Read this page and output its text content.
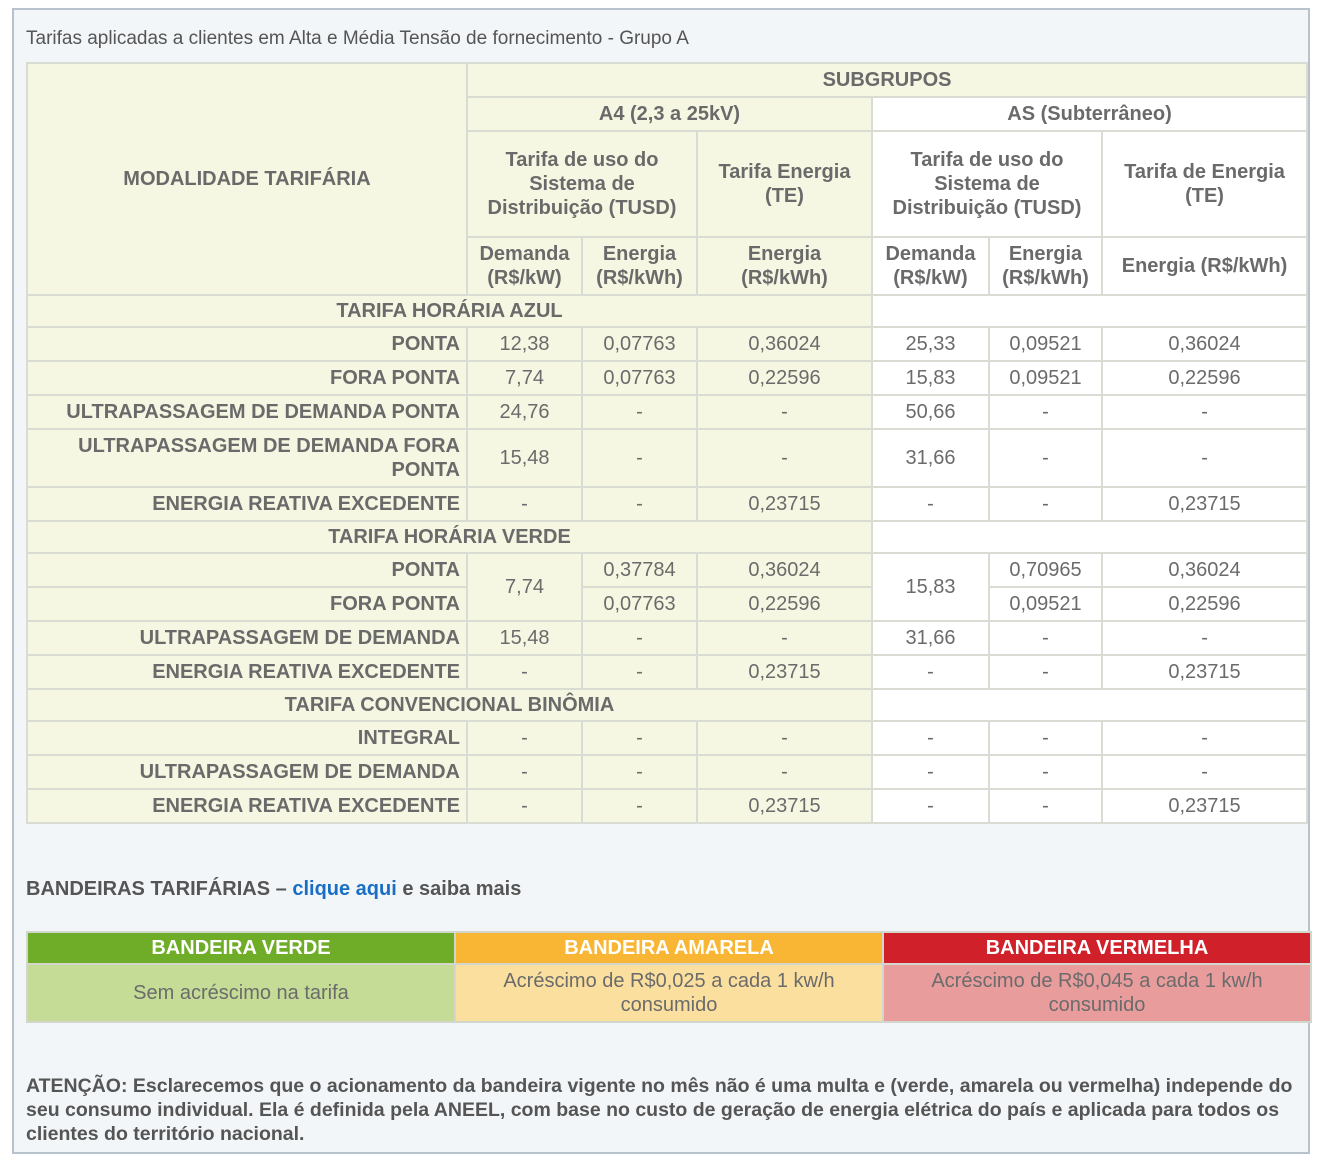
Tarifas aplicadas a clientes em Alta e Média Tensão de fornecimento - Grupo A
MODALIDADE TARIFÁRIA	SUBGRUPOS					
	A4 (2,3 a 25kV)			AS (Subterrâneo)		
	Tarifa de uso do Sistema de Distribuição (TUSD)		Tarifa Energia (TE)	Tarifa de uso do Sistema de Distribuição (TUSD)		Tarifa de Energia (TE)
	Demanda (R$/kW)	Energia (R$/kWh)	Energia (R$/kWh)	Demanda (R$/kW)	Energia (R$/kWh)	Energia (R$/kWh)
TARIFA HORÁRIA AZUL						
PONTA	12,38	0,07763	0,36024	25,33	0,09521	0,36024
FORA PONTA	7,74	0,07763	0,22596	15,83	0,09521	0,22596
ULTRAPASSAGEM DE DEMANDA PONTA	24,76	-	-	50,66	-	-
ULTRAPASSAGEM DE DEMANDA FORA PONTA	15,48	-	-	31,66	-	-
ENERGIA REATIVA EXCEDENTE	-	-	0,23715	-	-	0,23715
TARIFA HORÁRIA VERDE						
PONTA	7,74	0,37784	0,36024	15,83	0,70965	0,36024
FORA PONTA		0,07763	0,22596		0,09521	0,22596
ULTRAPASSAGEM DE DEMANDA	15,48	-	-	31,66	-	-
ENERGIA REATIVA EXCEDENTE	-	-	0,23715	-	-	0,23715
TARIFA CONVENCIONAL BINÔMIA						
INTEGRAL	-	-	-	-	-	-
ULTRAPASSAGEM DE DEMANDA	-	-	-	-	-	-
ENERGIA REATIVA EXCEDENTE	-	-	0,23715	-	-	0,23715
BANDEIRAS TARIFÁRIAS – clique aqui e saiba mais
BANDEIRA VERDE	BANDEIRA AMARELA	BANDEIRA VERMELHA
Sem acréscimo na tarifa	Acréscimo de R$0,025 a cada 1 kw/h consumido	Acréscimo de R$0,045 a cada 1 kw/h consumido
ATENÇÃO: Esclarecemos que o acionamento da bandeira vigente no mês não é uma multa e (verde, amarela ou vermelha) independe do seu consumo individual. Ela é definida pela ANEEL, com base no custo de geração de energia elétrica do país e aplicada para todos os clientes do território nacional.
